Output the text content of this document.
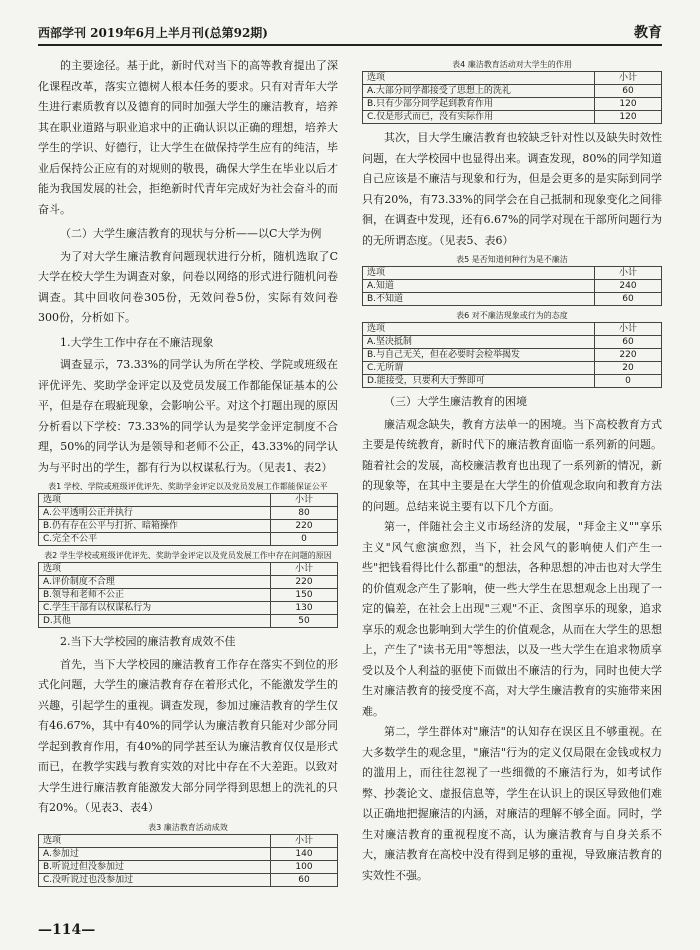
西部学刊 2019年6月上半月刊(总第92期)	教育

的主要途径。基于此，新时代对当下的高等教育提出了深化课程改革，落实立德树人根本任务的要求。只有对青年大学生进行素质教育以及德育的同时加强大学生的廉洁教育，培养其在职业道路与职业追求中的正确认识以正确的理想，培养大学生的学识、好德行，让大学生在做保持学生应有的纯洁，毕业后保持公正应有的对规则的敬畏，确保大学生在毕业以后才能为我国发展的社会，拒绝新时代青年完成好为社会奋斗的而奋斗。

（二）大学生廉洁教育的现状与分析——以C大学为例

为了对大学生廉洁教育问题现状进行分析，随机选取了C大学在校大学生为调查对象，问卷以网络的形式进行随机问卷调查。其中回收问卷305份，无效问卷5份，实际有效问卷300份，分析如下。

1.大学生工作中存在不廉洁现象

调查显示，73.33%的同学认为所在学校、学院或班级在评优评先、奖助学金评定以及党员发展工作都能保证基本的公平，但是存在瑕疵现象，会影响公平。对这个打题出现的原因分析看以下学校：73.33%的同学认为是奖学金评定制度不合理，50%的同学认为是领导和老师不公正，43.33%的同学认为与平时出的学生，都有行为以权谋私行为。（见表1、表2）

表1 学校、学院或班级评优评先、奖助学金评定以及党员发展工作都能保证公平
选项	小计
A.公平透明公正并执行	80
B.仍有存在公平与打折、暗箱操作	220
C.完全不公平	0
表2 学生学校或班级评优评先、奖助学金评定以及党员发展工作中存在问题的原因
选项	小计
A.评价制度不合理	220
B.领导和老师不公正	150
C.学生干部有以权谋私行为	130
D.其他	50

2.当下大学校园的廉洁教育成效不佳

首先，当下大学校园的廉洁教育工作存在落实不到位的形式化问题，大学生的廉洁教育存在着形式化，不能激发学生的兴趣，引起学生的重视。调查发现，参加过廉洁教育的学生仅有46.67%，其中有40%的同学认为廉洁教育只能对少部分同学起到教育作用，有40%的同学甚至认为廉洁教育仅仅是形式而已，在教学实践与教育实效的对比中存在不大差距。以致对大学生进行廉洁教育能激发大部分同学得到思想上的洗礼的只有20%。（见表3、表4）

表3 廉洁教育活动成效
选项	小计
A.参加过	140
B.听说过但没参加过	100
C.没听说过也没参加过	60
表4 廉洁教育活动对大学生的作用
选项	小计
A.大部分同学都接受了思想上的洗礼	60
B.只有少部分同学起到教育作用	120
C.仅是形式而已，没有实际作用	120

其次，目大学生廉洁教育也较缺乏针对性以及缺失时效性问题，在大学校园中也显得出来。调查发现，80%的同学知道自己应该是不廉洁与现象和行为，但是会更多的是实际到同学只有20%，有73.33%的同学会在自己抵制和现象变化之间徘徊，在调查中发现，还有6.67%的同学对现在干部所问题行为的无所谓态度。（见表5、表6）

表5 是否知道何种行为是不廉洁
选项	小计
A.知道	240
B.不知道	60
表6 对不廉洁现象或行为的态度
选项	小计
A.坚决抵制	60
B.与自己无关，但在必要时会检举揭发	220
C.无所谓	20
D.能接受，只要利大于弊即可	0

（三）大学生廉洁教育的困境

廉洁观念缺失，教育方法单一的困境。当下高校教育方式主要是传统教育，新时代下的廉洁教育面临一系列新的问题。随着社会的发展，高校廉洁教育也出现了一系列新的情况，新的现象等，在其中主要是在大学生的价值观念取向和教育方法的问题。总结来说主要有以下几个方面。

第一，伴随社会主义市场经济的发展，"拜金主义""享乐主义"风气愈演愈烈，当下，社会风气的影响使人们产生一些"把钱看得比什么都重"的想法，各种思想的冲击也对大学生的价值观念产生了影响，使一些大学生在思想观念上出现了一定的偏差，在社会上出现"三观"不正、贪图享乐的现象，追求享乐的观念也影响到大学生的价值观念，从而在大学生的思想上，产生了"读书无用"等想法，以及一些大学生在追求物质享受以及个人利益的驱使下而做出不廉洁的行为，同时也使大学生对廉洁教育的接受度不高，对大学生廉洁教育的实施带来困难。

第二，学生群体对"廉洁"的认知存在误区且不够重视。在大多数学生的观念里，"廉洁"行为的定义仅局限在金钱或权力的滥用上，而往往忽视了一些细微的不廉洁行为，如考试作弊、抄袭论文、虚报信息等，学生在认识上的误区导致他们难以正确地把握廉洁的内涵，对廉洁的理解不够全面。同时，学生对廉洁教育的重视程度不高，认为廉洁教育与自身关系不大，廉洁教育在高校中没有得到足够的重视，导致廉洁教育的实效性不强。

—114—
